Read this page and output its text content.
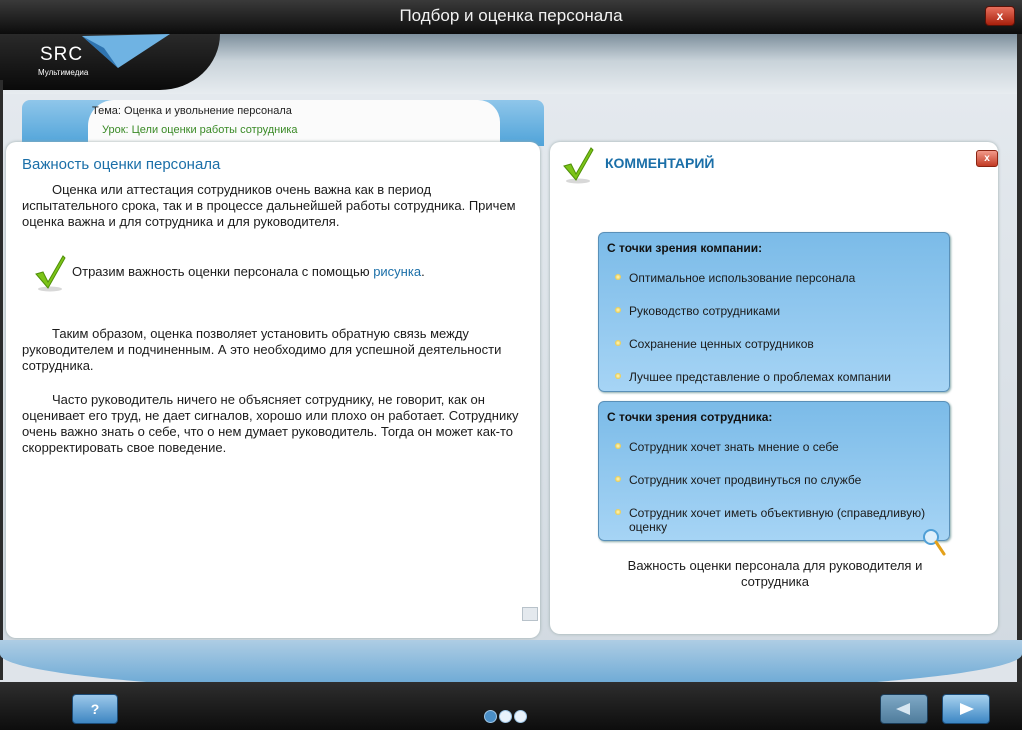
Подбор и оценка персонала	x
SRC
Мультимедиа
Тема: Оценка и увольнение персонала
Урок: Цели оценки работы сотрудника
Важность оценки персонала
Оценка или аттестация сотрудников очень важна как в период испытательного срока, так и в процессе дальнейшей работы сотрудника. Причем оценка важна и для сотрудника и для руководителя.
Таким образом, оценка позволяет установить обратную связь между руководителем и подчиненным. А это необходимо для успешной деятельности сотрудника.
Часто руководитель ничего не объясняет сотруднику, не говорит, как он оценивает его труд, не дает сигналов, хорошо или плохо он работает. Сотруднику очень важно знать о себе, что о нем думает руководитель. Тогда он может как-то скорректировать свое поведение.
Отразим важность оценки персонала с помощью рисунка.
КОММЕНТАРИЙ	x
С точки зрения компании:
Оптимальное использование персонала
Руководство сотрудниками
Сохранение ценных сотрудников
Лучшее представление о проблемах компании
С точки зрения сотрудника:
Сотрудник хочет знать мнение о себе
Сотрудник хочет продвинуться по службе
Сотрудник хочет иметь объективную (справедливую) оценку
Важность оценки персонала для руководителя и сотрудника
?
